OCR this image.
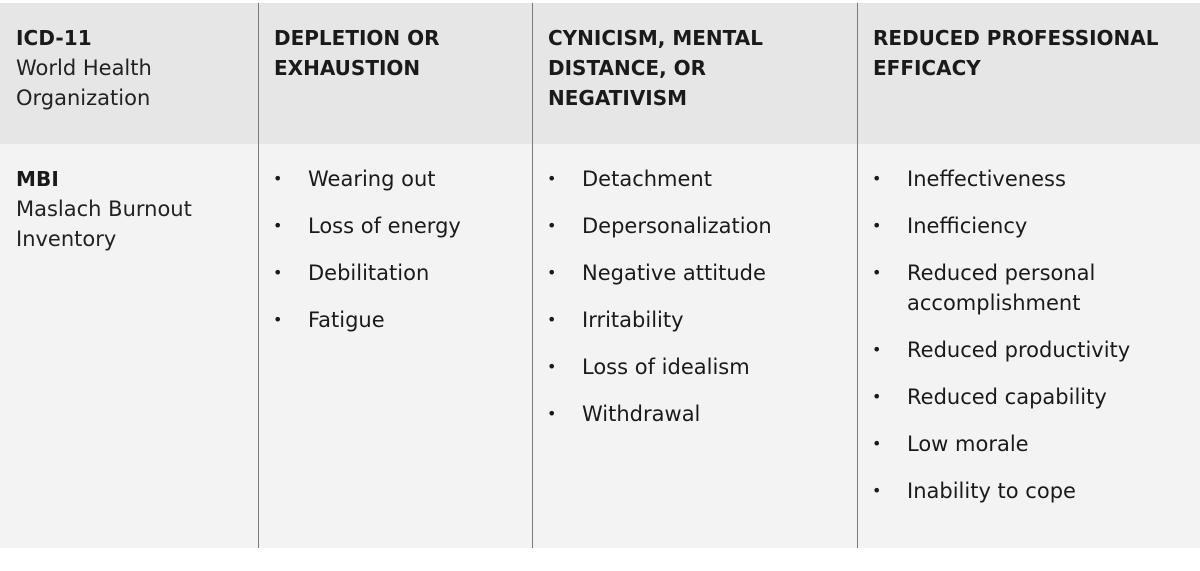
ICD-11
World Health Organization
DEPLETION OR
EXHAUSTION
CYNICISM, MENTAL
DISTANCE, OR NEGATIVISM
REDUCED PROFESSIONAL
EFFICACY
MBI
Maslach Burnout Inventory
• Wearing out
• Loss of energy
• Debilitation
• Fatigue
• Detachment
• Depersonalization
• Negative attitude
• Irritability
• Loss of idealism
• Withdrawal
• Ineffectiveness
• Inefficiency
• Reduced personal accomplishment
• Reduced productivity
• Reduced capability
• Low morale
• Inability to cope
